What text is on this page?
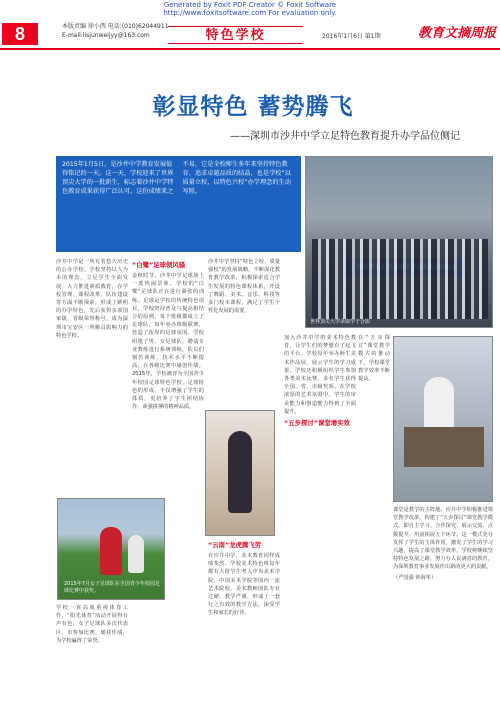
Generated by Foxit PDF Creator © Foxit Software
http://www.foxitsoftware.com For evaluation only.
8	本版责编 徐小西 电话:(010)62044911
E-mail:lisjunweijyy@163.com	特色学校	2016年1月6日 第1期	教育文摘周报
彰显特色 蓄势腾飞
——深圳市沙井中学立足特色教育提升办学品位侧记
2015年1月5日，是沙井中学教育发展值得铭记的一天。这一天，学校迎来了世界顶尖大学的一批新生，标志着沙井中学特色教育成果获得广泛认可。这份成绩来之不易，它是全校师生多年来坚持特色教育、追求卓越品质的结晶，也是学校“以质量立校，以特色兴校”办学理念的生动写照。
世界顶尖大学录取学子合影
沙井中学是一所有着悠久历史的公办学校。学校坚持以人为本的理念，立足学生全面发展，大力推进素质教育，在学校管理、课程改革、队伍建设等方面不断探索，形成了鲜明的办学特色，先后获得多项国家级、省级荣誉称号，成为深圳市宝安区一所颇具影响力的特色学校。
2015年7月女子足球队在全国青少年校园足球比赛中获奖。
学校一直高度重视体育工作，“阳光体育”活动开展得有声有色。女子足球队多次代表区、市参加比赛，屡获佳绩，为学校赢得了荣誉。
“白鹭”足球领风骚
金秋时节，沙井中学足球场上一派热闹景象。学校的“白鹭”足球队正在进行紧张的训练。足球是学校的传统特色项目，学校坚持普及与提高相结合的原则，每个班级都成立了足球队，每年举办班级联赛，营造了浓厚的足球氛围。学校组建了男、女足球队，聘请专业教练进行系统训练，队员们刻苦训练，技术水平不断提高，在各级比赛中屡创佳绩。2015年，学校被评为全国青少年校园足球特色学校。足球特色的形成，不仅增强了学生的体质，更培养了学生团结协作、顽强拼搏的精神品质。
沙井中学坚持“特色立校、质量强校”的发展战略，不断深化教育教学改革，积极探索适合学生发展的特色课程体系，开设了舞蹈、美术、音乐、科技等多门校本课程，满足了学生个性化发展的需要。
“云南”龙虎腾飞劳
在沙井中学，美术教育同样成绩斐然。学校美术特色班每年都有大批学生考入中央美术学院、中国美术学院等国内一流艺术院校。美术教师团队专业过硬、教学严谨，形成了一套行之有效的教学方法，深受学生和家长的好评。
加入沙井中学的美术特色教育，让学生们的梦想有了起飞的平台。学校每年举办师生美术作品展，展示学生的学习成果。学校还积极组织学生参加各类美术比赛，多名学生获得全国、省、市级奖项。在学校浓厚的艺术氛围中，学生的审美能力和创造能力得到了全面提升。
“五步探讨”课堂增实效
在“五步探讨”课堂教学模式的推动下，学校课堂教学效率不断提高。
课堂是教学的主阵地。沙井中学积极推进课堂教学改革，构建了“五步探讨”课堂教学模式，即自主学习、合作探究、展示交流、点拨提升、巩固拓展五个环节。这一模式充分发挥了学生的主体作用，激发了学生的学习兴趣，提高了课堂教学效率。学校将继续坚持特色发展之路，努力办人民满意的教育，为深圳教育事业发展作出新的更大的贡献。
（严国强 钟海华）
